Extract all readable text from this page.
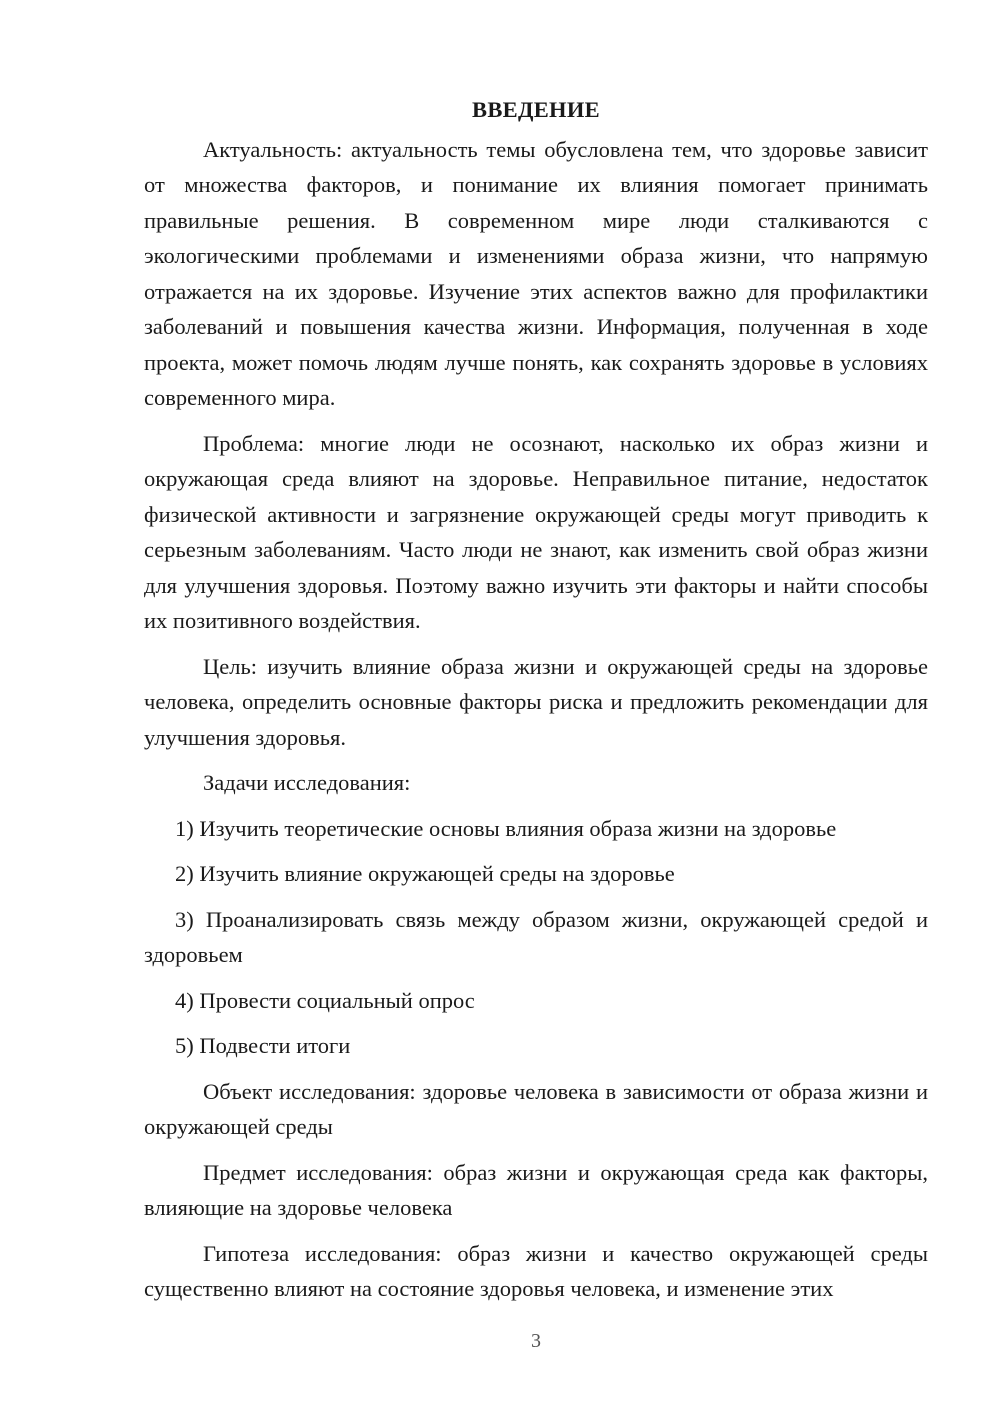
ВВЕДЕНИЕ

Актуальность: актуальность темы обусловлена тем, что здоровье зависит от множества факторов, и понимание их влияния помогает принимать правильные решения. В современном мире люди сталкиваются с экологическими проблемами и изменениями образа жизни, что напрямую отражается на их здоровье. Изучение этих аспектов важно для профилактики заболеваний и повышения качества жизни. Информация, полученная в ходе проекта, может помочь людям лучше понять, как сохранять здоровье в условиях современного мира.

Проблема: многие люди не осознают, насколько их образ жизни и окружающая среда влияют на здоровье. Неправильное питание, недостаток физической активности и загрязнение окружающей среды могут приводить к серьезным заболеваниям. Часто люди не знают, как изменить свой образ жизни для улучшения здоровья. Поэтому важно изучить эти факторы и найти способы их позитивного воздействия.

Цель: изучить влияние образа жизни и окружающей среды на здоровье человека, определить основные факторы риска и предложить рекомендации для улучшения здоровья.

Задачи исследования:

1) Изучить теоретические основы влияния образа жизни на здоровье

2) Изучить влияние окружающей среды на здоровье

3) Проанализировать связь между образом жизни, окружающей средой и здоровьем

4) Провести социальный опрос

5) Подвести итоги

Объект исследования: здоровье человека в зависимости от образа жизни и окружающей среды

Предмет исследования: образ жизни и окружающая среда как факторы, влияющие на здоровье человека

Гипотеза исследования: образ жизни и качество окружающей среды существенно влияют на состояние здоровья человека, и изменение этих

3
